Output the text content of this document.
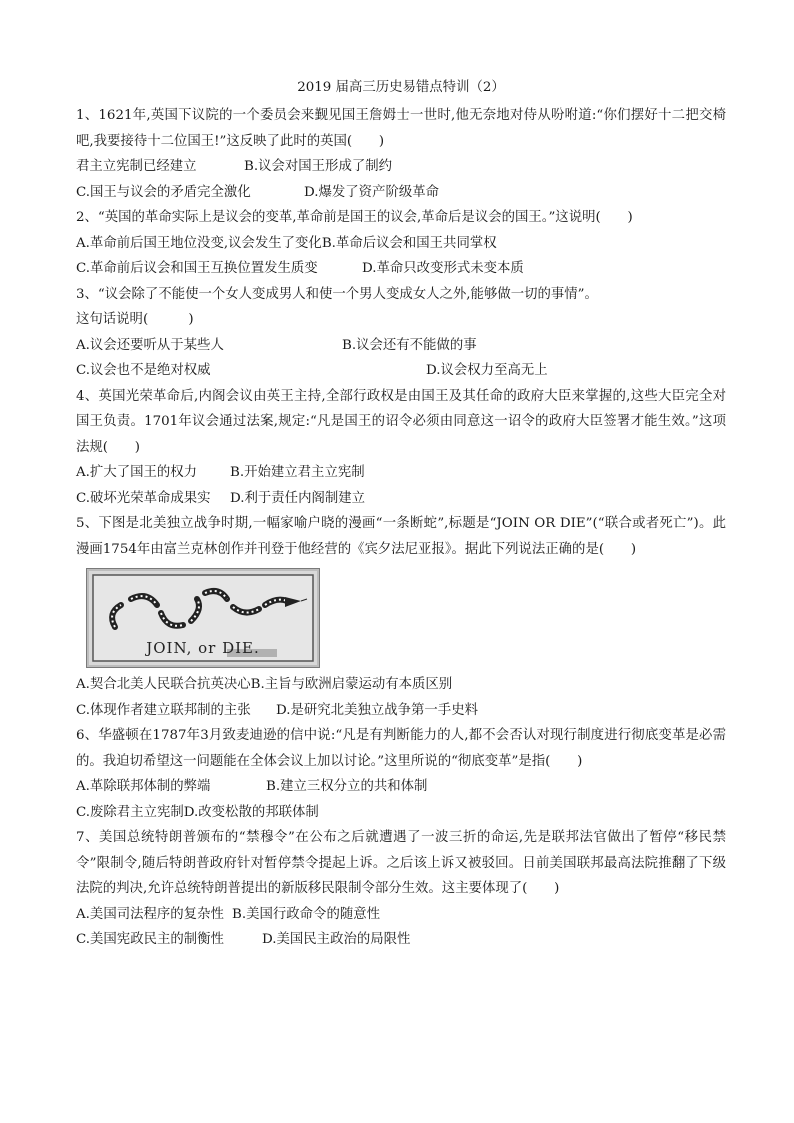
2019 届高三历史易错点特训（2）

1、1621年,英国下议院的一个委员会来觐见国王詹姆士一世时,他无奈地对侍从吩咐道:“你们摆好十二把交椅吧,我要接待十二位国王!”这反映了此时的英国(　　)

君主立宪制已经建立	B.议会对国王形成了制约
C.国王与议会的矛盾完全激化	D.爆发了资产阶级革命

2、“英国的革命实际上是议会的变革,革命前是国王的议会,革命后是议会的国王。”这说明(　　)

A.革命前后国王地位没变,议会发生了变化 B.革命后议会和国王共同掌权
C.革命前后议会和国王互换位置发生质变	D.革命只改变形式未变本质

3、“议会除了不能使一个女人变成男人和使一个男人变成女人之外,能够做一切的事情”。

这句话说明(　　　)

A.议会还要听从于某些人	B.议会还有不能做的事
C.议会也不是绝对权威	D.议会权力至高无上

4、英国光荣革命后,内阁会议由英王主持,全部行政权是由国王及其任命的政府大臣来掌握的,这些大臣完全对国王负责。1701年议会通过法案,规定:“凡是国王的诏令必须由同意这一诏令的政府大臣签署才能生效。”这项法规(　　)

A.扩大了国王的权力	B.开始建立君主立宪制
C.破坏光荣革命成果实	D.利于责任内阁制建立

5、下图是北美独立战争时期,一幅家喻户晓的漫画“一条断蛇”,标题是“JOIN OR DIE”(“联合或者死亡”)。此漫画1754年由富兰克林创作并刊登于他经营的《宾夕法尼亚报》。据此下列说法正确的是(　　)

JOIN, or DIE.
A.契合北美人民联合抗英决心 B.主旨与欧洲启蒙运动有本质区别
C.体现作者建立联邦制的主张	D.是研究北美独立战争第一手史料

6、华盛顿在1787年3月致麦迪逊的信中说:“凡是有判断能力的人,都不会否认对现行制度进行彻底变革是必需的。我迫切希望这一问题能在全体会议上加以讨论。”这里所说的“彻底变革”是指(　　)

A.革除联邦体制的弊端	B.建立三权分立的共和体制
C.废除君主立宪制 D.改变松散的邦联体制

7、美国总统特朗普颁布的“禁穆令”在公布之后就遭遇了一波三折的命运,先是联邦法官做出了暂停“移民禁令”限制令,随后特朗普政府针对暂停禁令提起上诉。之后该上诉又被驳回。日前美国联邦最高法院推翻了下级法院的判决,允许总统特朗普提出的新版移民限制令部分生效。这主要体现了(　　)

A.美国司法程序的复杂性 B.美国行政命令的随意性
C.美国宪政民主的制衡性	D.美国民主政治的局限性
